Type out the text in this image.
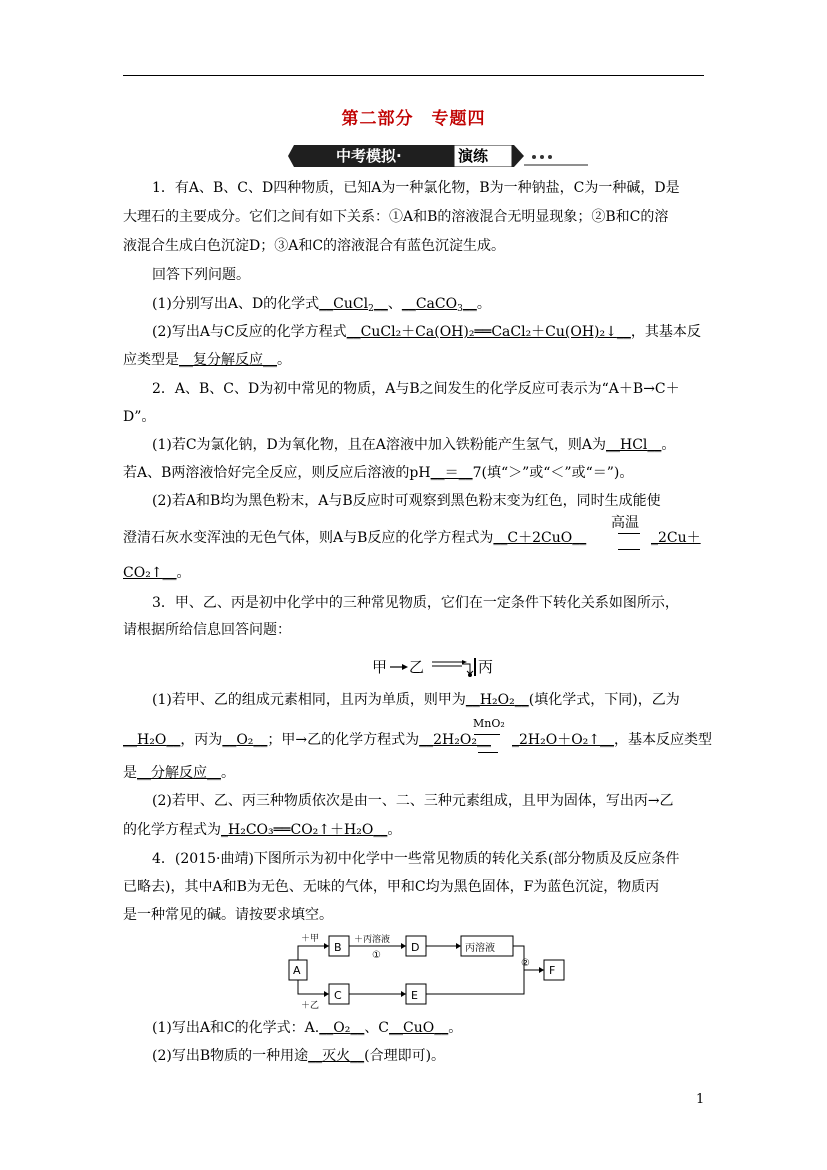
第二部分　专题四
中考模拟·	演练
1．有A、B、C、D四种物质，已知A为一种氯化物，B为一种钠盐，C为一种碱，D是
大理石的主要成分。它们之间有如下关系：①A和B的溶液混合无明显现象；②B和C的溶
液混合生成白色沉淀D；③A和C的溶液混合有蓝色沉淀生成。
回答下列问题。
(1)分别写出A、D的化学式__CuCl$_2$__、__CaCO$_3$__。
(2)写出A与C反应的化学方程式__CuCl₂＋Ca(OH)₂══CaCl₂＋Cu(OH)₂↓__，其基本反
应类型是__复分解反应__。
2．A、B、C、D为初中常见的物质，A与B之间发生的化学反应可表示为“A＋B→C＋
D”。
(1)若C为氯化钠，D为氧化物，且在A溶液中加入铁粉能产生氢气，则A为__HCl__。
若A、B两溶液恰好完全反应，则反应后溶液的pH__＝__7(填“＞”或“＜”或“＝”)。
(2)若A和B均为黑色粉末，A与B反应时可观察到黑色粉末变为红色，同时生成能使
澄清石灰水变浑浊的无色气体，则A与B反应的化学方程式为__C＋2CuO__
高温
_2Cu＋
CO₂↑__。
3．甲、乙、丙是初中化学中的三种常见物质，它们在一定条件下转化关系如图所示，
请根据所给信息回答问题：
甲 乙	丙
(1)若甲、乙的组成元素相同，且丙为单质，则甲为__H₂O₂__(填化学式，下同)，乙为
__H₂O__，丙为__O₂__；甲→乙的化学方程式为__2H₂O₂__
MnO₂
_2H₂O＋O₂↑__，基本反应类型
是__分解反应__。
(2)若甲、乙、丙三种物质依次是由一、二、三种元素组成，且甲为固体，写出丙→乙
的化学方程式为_H₂CO₃══CO₂↑＋H₂O__。
4．(2015·曲靖)下图所示为初中化学中一些常见物质的转化关系(部分物质及反应条件
已略去)，其中A和B为无色、无味的气体，甲和C均为黑色固体，F为蓝色沉淀，物质丙
是一种常见的碱。请按要求填空。
＋甲
＋乙
＋丙溶液
①
②
A
B
C
D
E
丙溶液
F
(1)写出A和C的化学式：A.__O₂__、C__CuO__。
(2)写出B物质的一种用途__灭火__(合理即可)。
1
